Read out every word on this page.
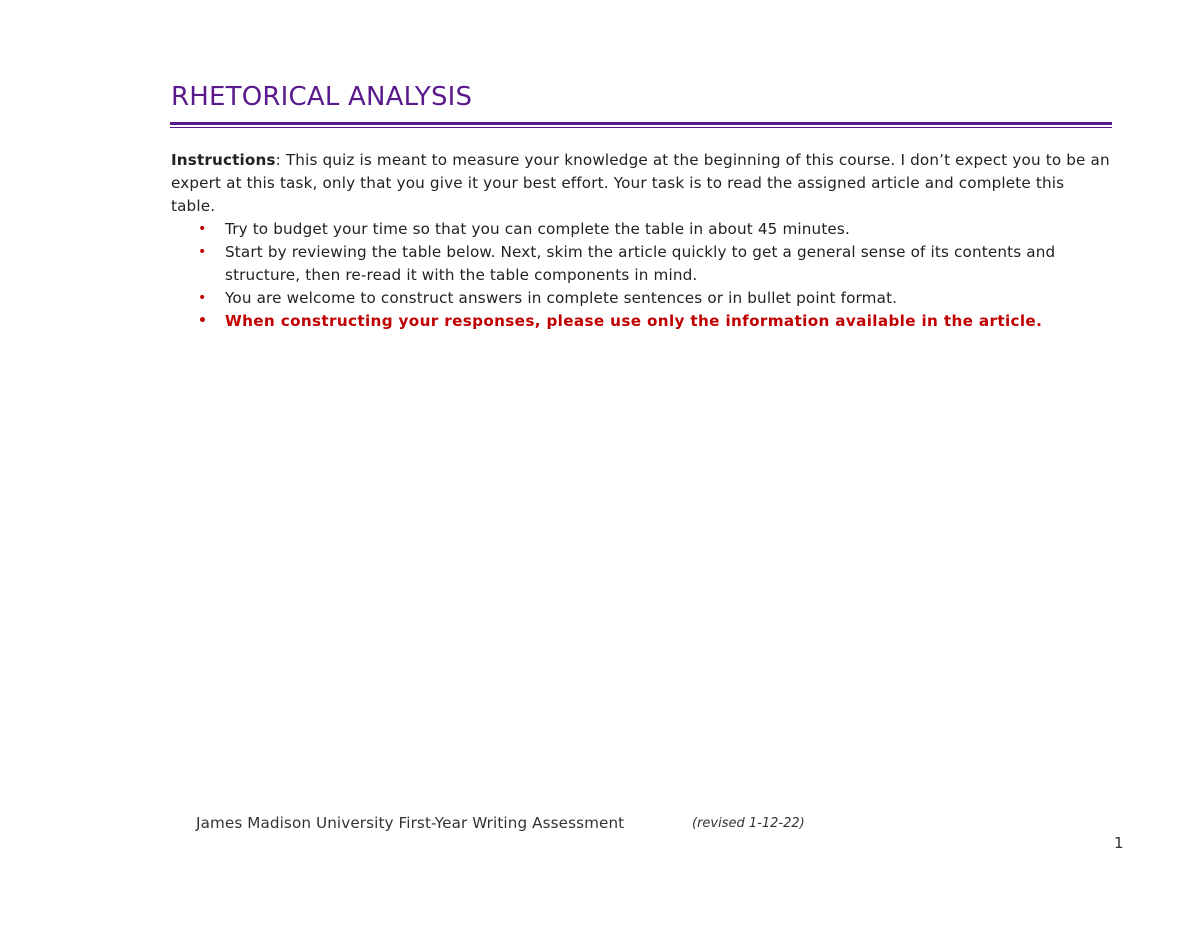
RHETORICAL ANALYSIS
Instructions: This quiz is meant to measure your knowledge at the beginning of this course. I don’t expect you to be an expert at this task, only that you give it your best effort. Your task is to read the assigned article and complete this table.
• Try to budget your time so that you can complete the table in about 45 minutes.
• Start by reviewing the table below. Next, skim the article quickly to get a general sense of its contents and structure, then re-read it with the table components in mind.
• You are welcome to construct answers in complete sentences or in bullet point format.
• When constructing your responses, please use only the information available in the article.
James Madison University First-Year Writing Assessment	(revised 1-12-22)
1
